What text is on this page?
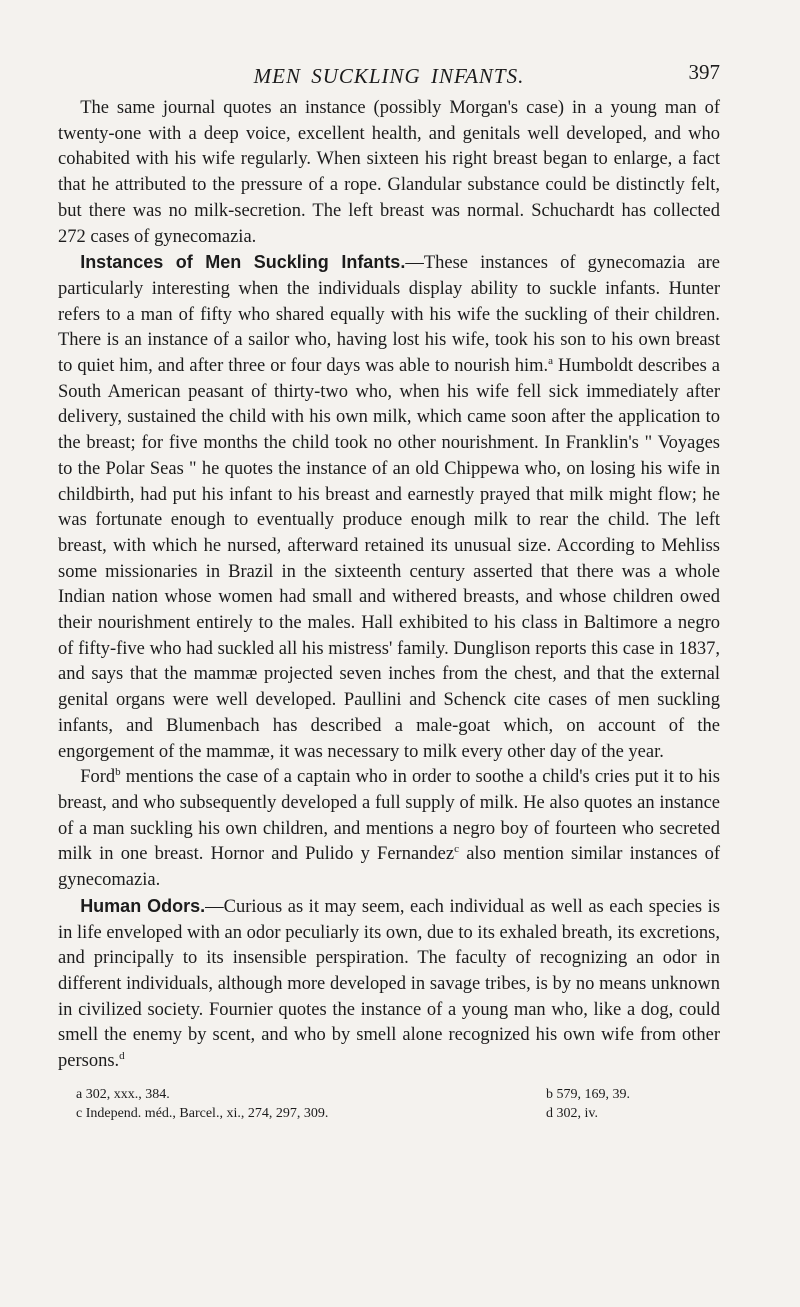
MEN SUCKLING INFANTS.	397

The same journal quotes an instance (possibly Morgan's case) in a young man of twenty-one with a deep voice, excellent health, and genitals well developed, and who cohabited with his wife regularly. When sixteen his right breast began to enlarge, a fact that he attributed to the pressure of a rope. Glandular substance could be distinctly felt, but there was no milk-secretion. The left breast was normal. Schuchardt has collected 272 cases of gynecomazia.

Instances of Men Suckling Infants.—These instances of gynecomazia are particularly interesting when the individuals display ability to suckle infants. Hunter refers to a man of fifty who shared equally with his wife the suckling of their children. There is an instance of a sailor who, having lost his wife, took his son to his own breast to quiet him, and after three or four days was able to nourish him.$^a$ Humboldt describes a South American peasant of thirty-two who, when his wife fell sick immediately after delivery, sustained the child with his own milk, which came soon after the application to the breast; for five months the child took no other nourishment. In Franklin's " Voyages to the Polar Seas " he quotes the instance of an old Chippewa who, on losing his wife in childbirth, had put his infant to his breast and earnestly prayed that milk might flow; he was fortunate enough to eventually produce enough milk to rear the child. The left breast, with which he nursed, afterward retained its unusual size. According to Mehliss some missionaries in Brazil in the sixteenth century asserted that there was a whole Indian nation whose women had small and withered breasts, and whose children owed their nourishment entirely to the males. Hall exhibited to his class in Baltimore a negro of fifty-five who had suckled all his mistress' family. Dunglison reports this case in 1837, and says that the mammæ projected seven inches from the chest, and that the external genital organs were well developed. Paullini and Schenck cite cases of men suckling infants, and Blumenbach has described a male-goat which, on account of the engorgement of the mammæ, it was necessary to milk every other day of the year.

Ford$^b$ mentions the case of a captain who in order to soothe a child's cries put it to his breast, and who subsequently developed a full supply of milk. He also quotes an instance of a man suckling his own children, and mentions a negro boy of fourteen who secreted milk in one breast. Hornor and Pulido y Fernandez$^c$ also mention similar instances of gynecomazia.

Human Odors.—Curious as it may seem, each individual as well as each species is in life enveloped with an odor peculiarly its own, due to its exhaled breath, its excretions, and principally to its insensible perspiration. The faculty of recognizing an odor in different individuals, although more developed in savage tribes, is by no means unknown in civilized society. Fournier quotes the instance of a young man who, like a dog, could smell the enemy by scent, and who by smell alone recognized his own wife from other persons.$^d$

a 302, xxx., 384.	b 579, 169, 39.
c Independ. méd., Barcel., xi., 274, 297, 309.	d 302, iv.
